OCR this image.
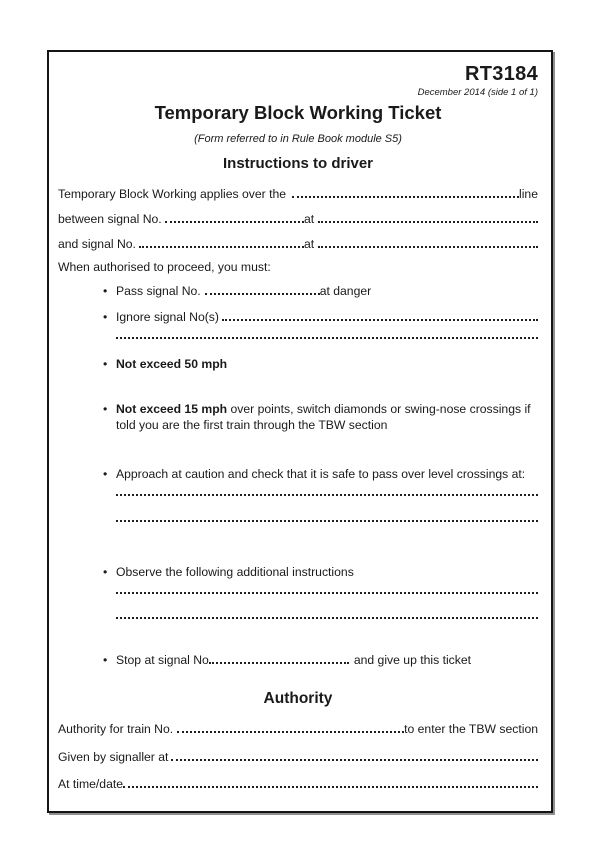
RT3184
December 2014 (side 1 of 1)
Temporary Block Working Ticket
(Form referred to in Rule Book module S5)
Instructions to driver
Temporary Block Working applies over the	line
between signal No.	at
and signal No.	at
When authorised to proceed, you must:
• Pass signal No.	at danger
• Ignore signal No(s)
• Not exceed 50 mph
• Not exceed 15 mph over points, switch diamonds or swing-nose crossings if told you are the first train through the TBW section
• Approach at caution and check that it is safe to pass over level crossings at:
• Observe the following additional instructions
• Stop at signal No	and give up this ticket
Authority
Authority for train No.	to enter the TBW section
Given by signaller at
At time/date
